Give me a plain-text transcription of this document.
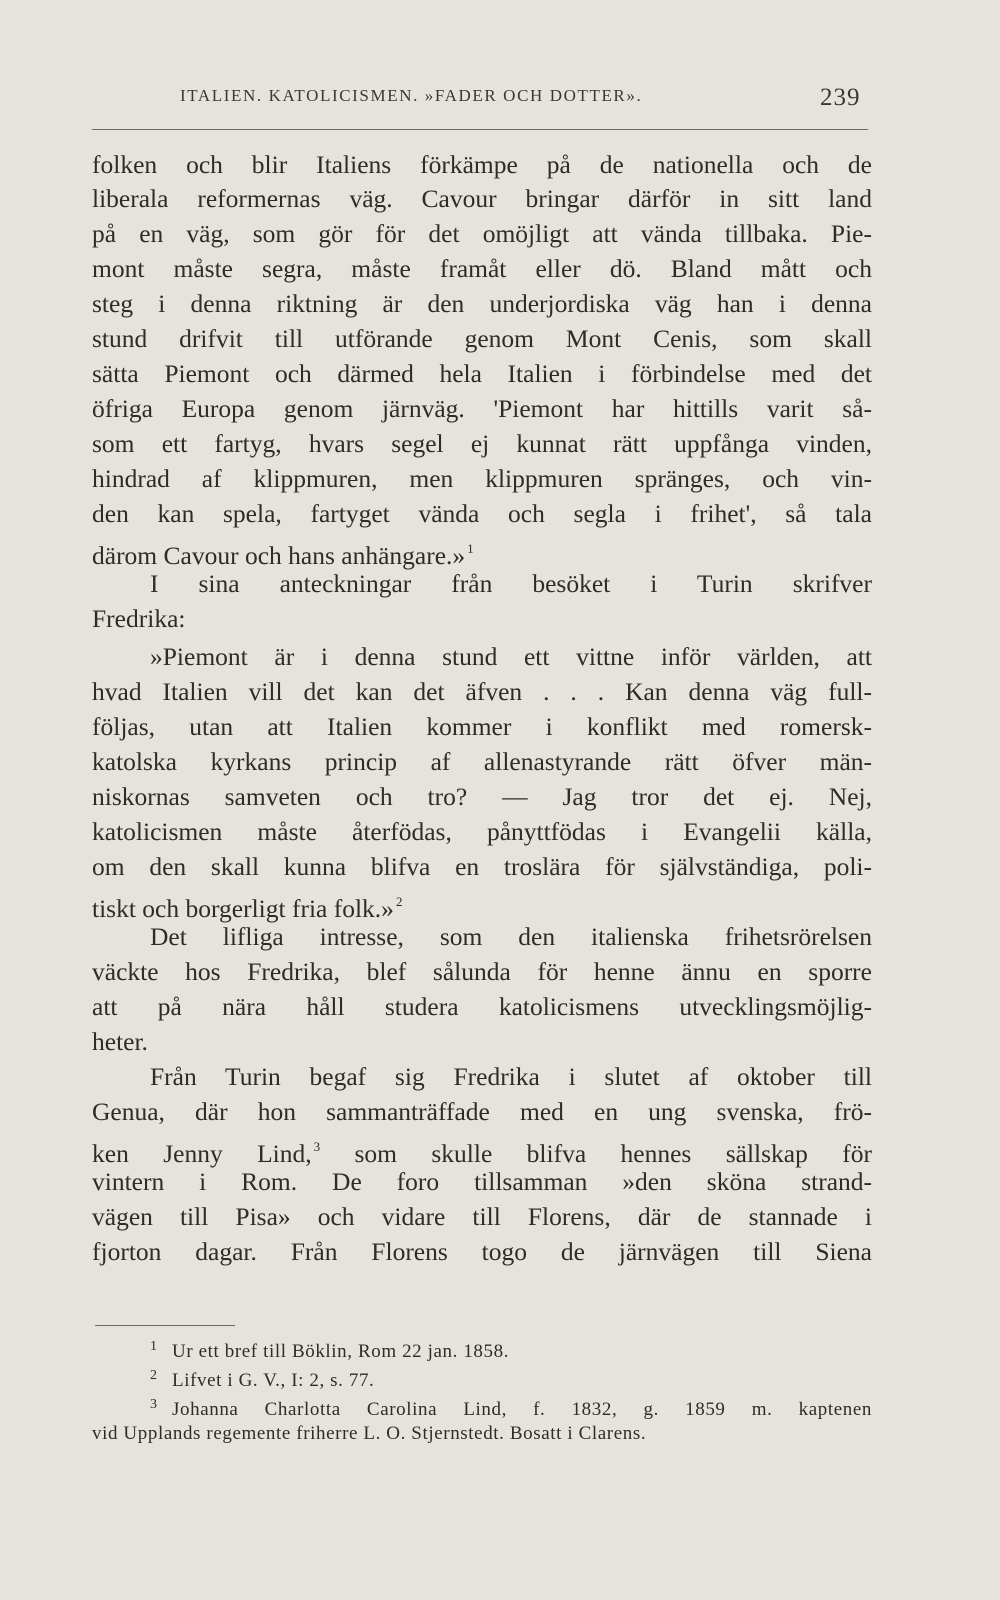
ITALIEN. KATOLICISMEN. »FADER OCH DOTTER».	239
folken och blir Italiens förkämpe på de nationella och de
liberala reformernas väg. Cavour bringar därför in sitt land
på en väg, som gör för det omöjligt att vända tillbaka. Pie-
mont måste segra, måste framåt eller dö. Bland mått och
steg i denna riktning är den underjordiska väg han i denna
stund drifvit till utförande genom Mont Cenis, som skall
sätta Piemont och därmed hela Italien i förbindelse med det
öfriga Europa genom järnväg. 'Piemont har hittills varit så-
som ett fartyg, hvars segel ej kunnat rätt uppfånga vinden,
hindrad af klippmuren, men klippmuren spränges, och vin-
den kan spela, fartyget vända och segla i frihet', så tala
därom Cavour och hans anhängare.» $^1$
I sina anteckningar från besöket i Turin skrifver
Fredrika:
»Piemont är i denna stund ett vittne inför världen, att
hvad Italien vill det kan det äfven . . . Kan denna väg full-
följas, utan att Italien kommer i konflikt med romersk-
katolska kyrkans princip af allenastyrande rätt öfver män-
niskornas samveten och tro? — Jag tror det ej. Nej,
katolicismen måste återfödas, pånyttfödas i Evangelii källa,
om den skall kunna blifva en troslära för självständiga, poli-
tiskt och borgerligt fria folk.» $^2$
Det lifliga intresse, som den italienska frihetsrörelsen
väckte hos Fredrika, blef sålunda för henne ännu en sporre
att på nära håll studera katolicismens utvecklingsmöjlig-
heter.
Från Turin begaf sig Fredrika i slutet af oktober till
Genua, där hon sammanträffade med en ung svenska, frö-
ken Jenny Lind, $^3$ som skulle blifva hennes sällskap för
vintern i Rom. De foro tillsamman »den sköna strand-
vägen till Pisa» och vidare till Florens, där de stannade i
fjorton dagar. Från Florens togo de järnvägen till Siena
1 Ur ett bref till Böklin, Rom 22 jan. 1858.
2 Lifvet i G. V., I: 2, s. 77.
3 Johanna Charlotta Carolina Lind, f. 1832, g. 1859 m. kaptenen
vid Upplands regemente friherre L. O. Stjernstedt. Bosatt i Clarens.
